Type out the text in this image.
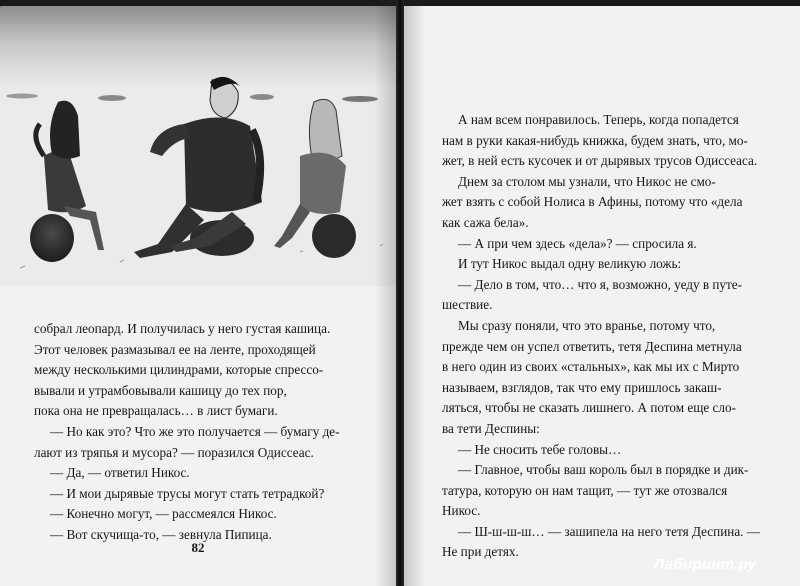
собрал леопард. И получилась у него густая кашица.
Этот человек размазывал ее на ленте, проходящей
между несколькими цилиндрами, которые спрессо-
вывали и утрамбовывали кашицу до тех пор,
пока она не превращалась… в лист бумаги.
— Но как это? Что же это получается — бумагу де-
лают из тряпья и мусора? — поразился Одиссеас.
— Да, — ответил Никос.
— И мои дырявые трусы могут стать тетрадкой?
— Конечно могут, — рассмеялся Никос.
— Вот скучища-то, — зевнула Пипица.
82
А нам всем понравилось. Теперь, когда попадется
нам в руки какая-нибудь книжка, будем знать, что, мо-
жет, в ней есть кусочек и от дырявых трусов Одиссеаса.
Днем за столом мы узнали, что Никос не смо-
жет взять с собой Нолиса в Афины, потому что «дела
как сажа бела».
— А при чем здесь «дела»? — спросила я.
И тут Никос выдал одну великую ложь:
— Дело в том, что… что я, возможно, уеду в путе-
шествие.
Мы сразу поняли, что это вранье, потому что,
прежде чем он успел ответить, тетя Деспина метнула
в него один из своих «стальных», как мы их с Мирто
называем, взглядов, так что ему пришлось закаш-
ляться, чтобы не сказать лишнего. А потом еще сло-
ва тети Деспины:
— Не сносить тебе головы…
— Главное, чтобы ваш король был в порядке и дик-
татура, которую он нам тащит, — тут же отозвался
Никос.
— Ш-ш-ш-ш… — зашипела на него тетя Деспина. —
Не при детях.
Лабиринт.ру
